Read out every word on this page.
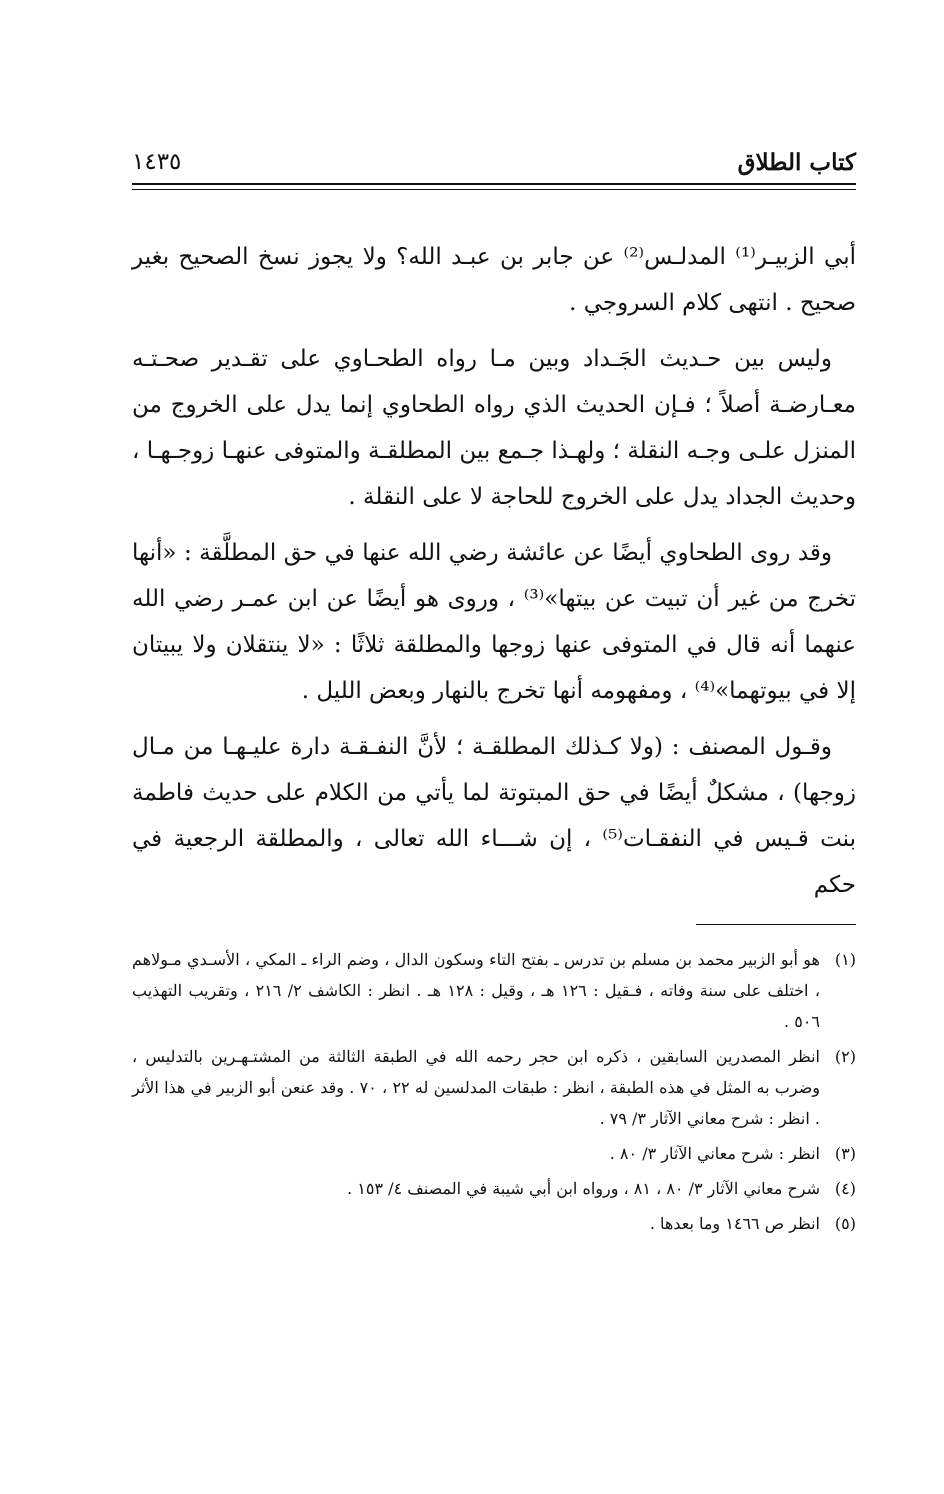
كتاب الطلاق
١٤٣٥

أبي الزبيـر⁽¹⁾ المدلـس⁽²⁾ عن جابر بن عبـد الله؟ ولا يجوز نسخ الصحيح بغير صحيح . انتهى كلام السروجي .

وليس بين حـديث الجَـداد وبين مـا رواه الطحـاوي على تقـدير صحـتـه معـارضـة أصلاً ؛ فـإن الحديث الذي رواه الطحاوي إنما يدل على الخروج من المنزل علـى وجـه النقلة ؛ ولهـذا جـمع بين المطلقـة والمتوفى عنهـا زوجـهـا ، وحديث الجداد يدل على الخروج للحاجة لا على النقلة .

وقد روى الطحاوي أيضًا عن عائشة رضي الله عنها في حق المطلَّقة : «أنها تخرج من غير أن تبيت عن بيتها»⁽³⁾ ، وروى هو أيضًا عن ابن عمـر رضي الله عنهما أنه قال في المتوفى عنها زوجها والمطلقة ثلاثًا : «لا ينتقلان ولا يبيتان إلا في بيوتهما»⁽⁴⁾ ، ومفهومه أنها تخرج بالنهار وبعض الليل .

وقـول المصنف : (ولا كـذلك المطلقـة ؛ لأنَّ النفـقـة دارة عليـهـا من مـال زوجها) ، مشكلٌ أيضًا في حق المبتوتة لما يأتي من الكلام على حديث فاطمة بنت قـيس في النفقـات⁽⁵⁾ ، إن شـــاء الله تعالى ، والمطلقة الرجعية في حكم

(١)
هو أبو الزبير محمد بن مسلم بن تدرس ـ بفتح التاء وسكون الدال ، وضم الراء ـ المكي ، الأسـدي مـولاهم ، اختلف على سنة وفاته ، فـقيل : ١٢٦ هـ ، وقيل : ١٢٨ هـ . انظر : الكاشف ٢/ ٢١٦ ، وتقريب التهذيب ٥٠٦ .
(٢)
انظر المصدرين السابقين ، ذكره ابن حجر رحمه الله في الطبقة الثالثة من المشتـهـرين بالتدليس ، وضرب به المثل في هذه الطبقة ، انظر : طبقات المدلسين له ٢٢ ، ٧٠ . وقد عنعن أبو الزبير في هذا الأثر . انظر : شرح معاني الآثار ٣/ ٧٩ .
(٣)
انظر : شرح معاني الآثار ٣/ ٨٠ .
(٤)
شرح معاني الآثار ٣/ ٨٠ ، ٨١ ، ورواه ابن أبي شيبة في المصنف ٤/ ١٥٣ .
(٥)
انظر ص ١٤٦٦ وما بعدها .
